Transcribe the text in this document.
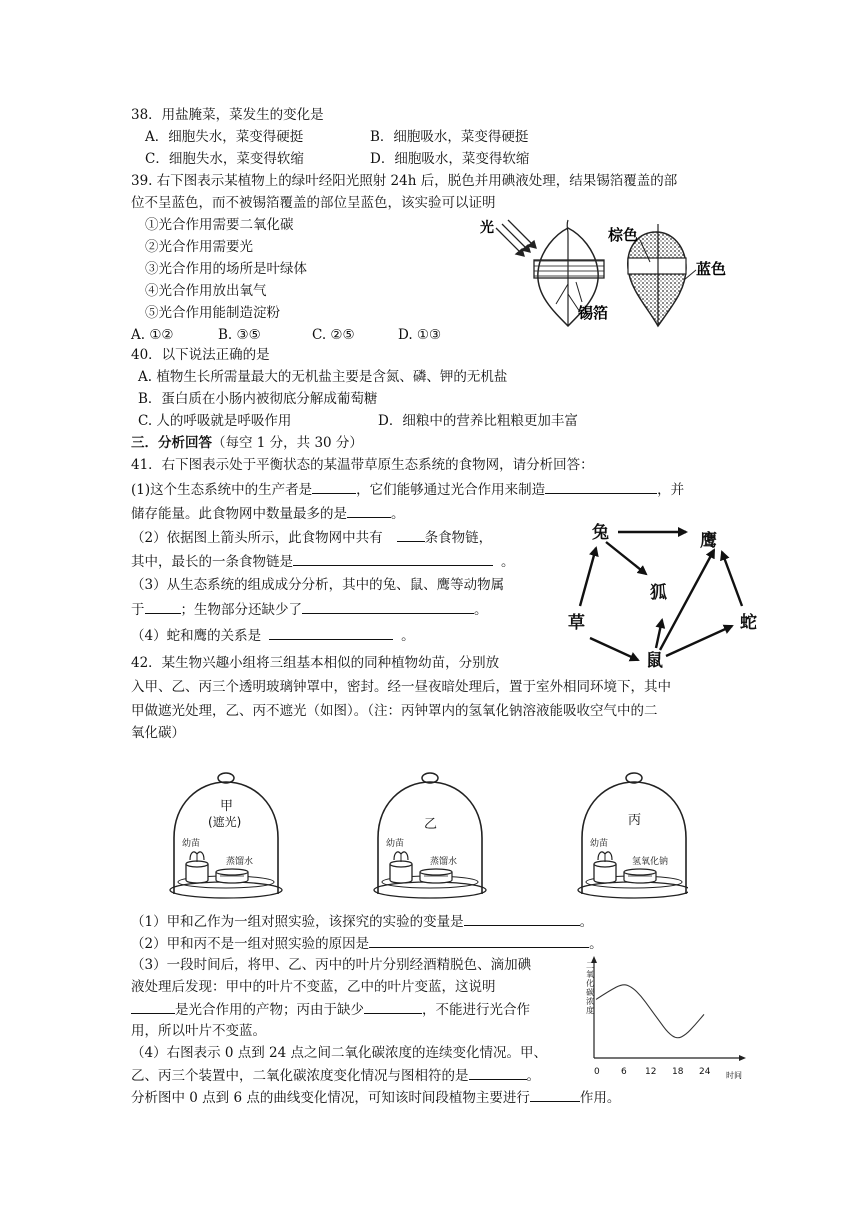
38．用盐腌菜，菜发生的变化是
A．细胞失水，菜变得硬挺	B．细胞吸水，菜变得硬挺
C．细胞失水，菜变得软缩	D．细胞吸水，菜变得软缩
39. 右下图表示某植物上的绿叶经阳光照射 24h 后，脱色并用碘液处理，结果锡箔覆盖的部
位不呈蓝色，而不被锡箔覆盖的部位呈蓝色，该实验可以证明
①光合作用需要二氧化碳
②光合作用需要光
③光合作用的场所是叶绿体
④光合作用放出氧气
⑤光合作用能制造淀粉
A. ①②	B. ③⑤	C. ②⑤	D. ①③
光
锡箔
棕色
蓝色
40．以下说法正确的是
A. 植物生长所需量最大的无机盐主要是含氮、磷、钾的无机盐
B．蛋白质在小肠内被彻底分解成葡萄糖
C. 人的呼吸就是呼吸作用	D．细粮中的营养比粗粮更加丰富
三．分析回答（每空 1 分，共 30 分）
41．右下图表示处于平衡状态的某温带草原生态系统的食物网，请分析回答：
(1)这个生态系统中的生产者是	，它们能够通过光合作用来制造	，并
储存能量。此食物网中数量最多的是	。
（2）依据图上箭头所示，此食物网中共有	条食物链，
其中，最长的一条食物链是	。
（3）从生态系统的组成成分分析，其中的兔、鼠、鹰等动物属
于	；生物部分还缺少了	。
（4）蛇和鹰的关系是	。
兔	鹰
狐
草	蛇
鼠
42．某生物兴趣小组将三组基本相似的同种植物幼苗，分别放
入甲、乙、丙三个透明玻璃钟罩中，密封。经一昼夜暗处理后，置于室外相同环境下，其中
甲做遮光处理，乙、丙不遮光（如图）。（注：丙钟罩内的氢氧化钠溶液能吸收空气中的二
氧化碳）
甲
(遮光)
幼苗
蒸馏水
乙
幼苗
蒸馏水
丙
幼苗
氢氧化钠
（1）甲和乙作为一组对照实验，该探究的实验的变量是	。
（2）甲和丙不是一组对照实验的原因是	。
（3）一段时间后，将甲、乙、丙中的叶片分别经酒精脱色、滴加碘
液处理后发现：甲中的叶片不变蓝，乙中的叶片变蓝，这说明
是光合作用的产物；丙由于缺少	，不能进行光合作
用，所以叶片不变蓝。
（4）右图表示 0 点到 24 点之间二氧化碳浓度的连续变化情况。甲、
乙、丙三个装置中，二氧化碳浓度变化情况与图相符的是	。
分析图中 0 点到 6 点的曲线变化情况，可知该时间段植物主要进行	作用。
二氧化碳浓度
时间
0 6 12 18 24
